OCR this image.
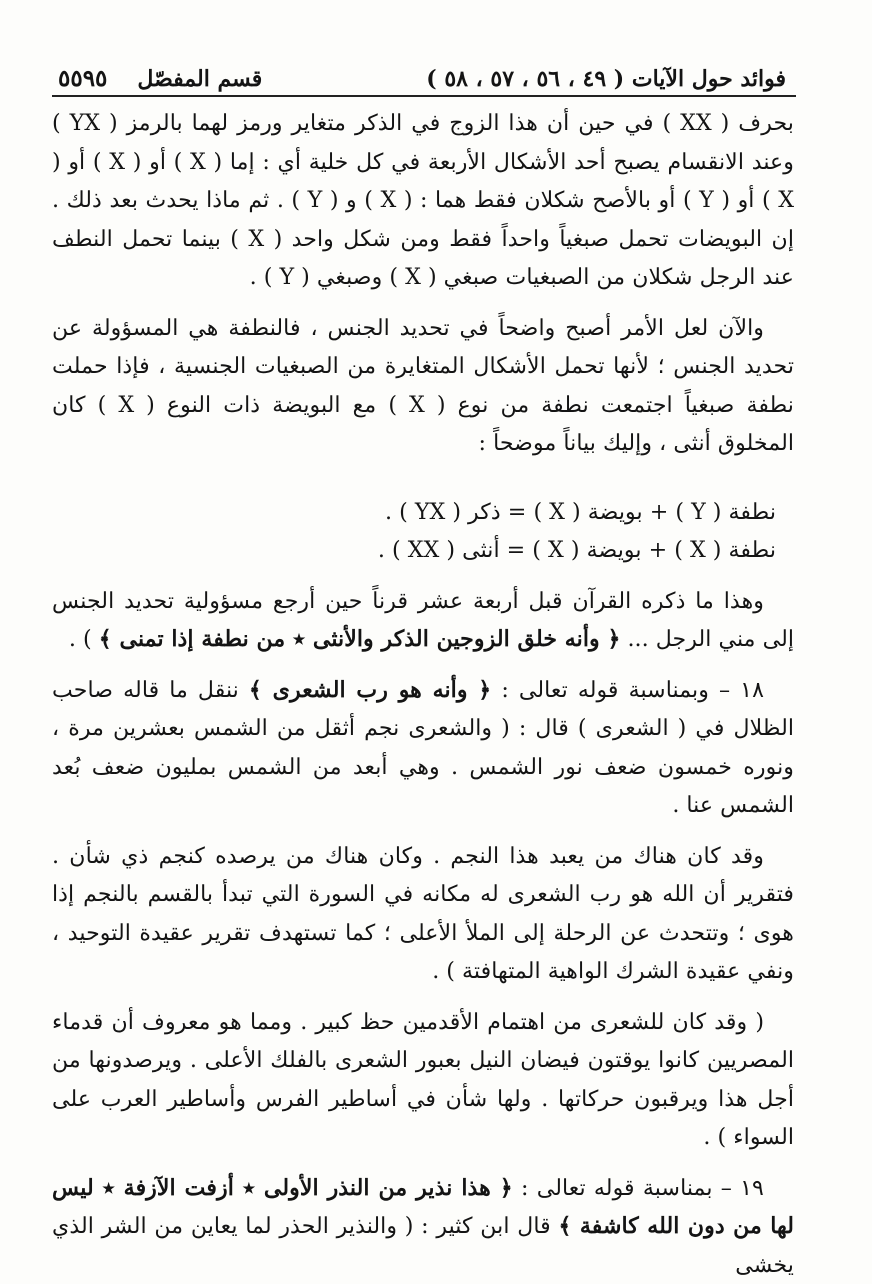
٥٥٩٥ قسم المفصّل	فوائد حول الآيات ( ٤٩ ، ٥٦ ، ٥٧ ، ٥٨ )

بحرف ( XX ) في حين أن هذا الزوج في الذكر متغاير ورمز لهما بالرمز ( YX ) وعند الانقسام يصبح أحد الأشكال الأربعة في كل خلية أي : إما ( X ) أو ( X ) أو ( X ) أو ( Y ) أو بالأصح شكلان فقط هما : ( X ) و ( Y ) . ثم ماذا يحدث بعد ذلك . إن البويضات تحمل صبغياً واحداً فقط ومن شكل واحد ( X ) بينما تحمل النطف عند الرجل شكلان من الصبغيات صبغي ( X ) وصبغي ( Y ) .

والآن لعل الأمر أصبح واضحاً في تحديد الجنس ، فالنطفة هي المسؤولة عن تحديد الجنس ؛ لأنها تحمل الأشكال المتغايرة من الصبغيات الجنسية ، فإذا حملت نطفة صبغياً اجتمعت نطفة من نوع ( X ) مع البويضة ذات النوع ( X ) كان المخلوق أنثى ، وإليك بياناً موضحاً :

نطفة ( Y ) + بويضة ( X ) = ذكر ( YX ) .

نطفة ( X ) + بويضة ( X ) = أنثى ( XX ) .

وهذا ما ذكره القرآن قبل أربعة عشر قرناً حين أرجع مسؤولية تحديد الجنس إلى مني الرجل ... ﴿ وأنه خلق الزوجين الذكر والأنثى ٭ من نطفة إذا تمنى ﴾ ) .

١٨ – وبمناسبة قوله تعالى : ﴿ وأنه هو رب الشعرى ﴾ ننقل ما قاله صاحب الظلال في ( الشعرى ) قال : ( والشعرى نجم أثقل من الشمس بعشرين مرة ، ونوره خمسون ضعف نور الشمس . وهي أبعد من الشمس بمليون ضعف بُعد الشمس عنا .

وقد كان هناك من يعبد هذا النجم . وكان هناك من يرصده كنجم ذي شأن . فتقرير أن الله هو رب الشعرى له مكانه في السورة التي تبدأ بالقسم بالنجم إذا هوى ؛ وتتحدث عن الرحلة إلى الملأ الأعلى ؛ كما تستهدف تقرير عقيدة التوحيد ، ونفي عقيدة الشرك الواهية المتهافتة ) .

( وقد كان للشعرى من اهتمام الأقدمين حظ كبير . ومما هو معروف أن قدماء المصريين كانوا يوقتون فيضان النيل بعبور الشعرى بالفلك الأعلى . ويرصدونها من أجل هذا ويرقبون حركاتها . ولها شأن في أساطير الفرس وأساطير العرب على السواء ) .

١٩ – بمناسبة قوله تعالى : ﴿ هذا نذير من النذر الأولى ٭ أزفت الآزفة ٭ ليس لها من دون الله كاشفة ﴾ قال ابن كثير : ( والنذير الحذر لما يعاين من الشر الذي يخشى
